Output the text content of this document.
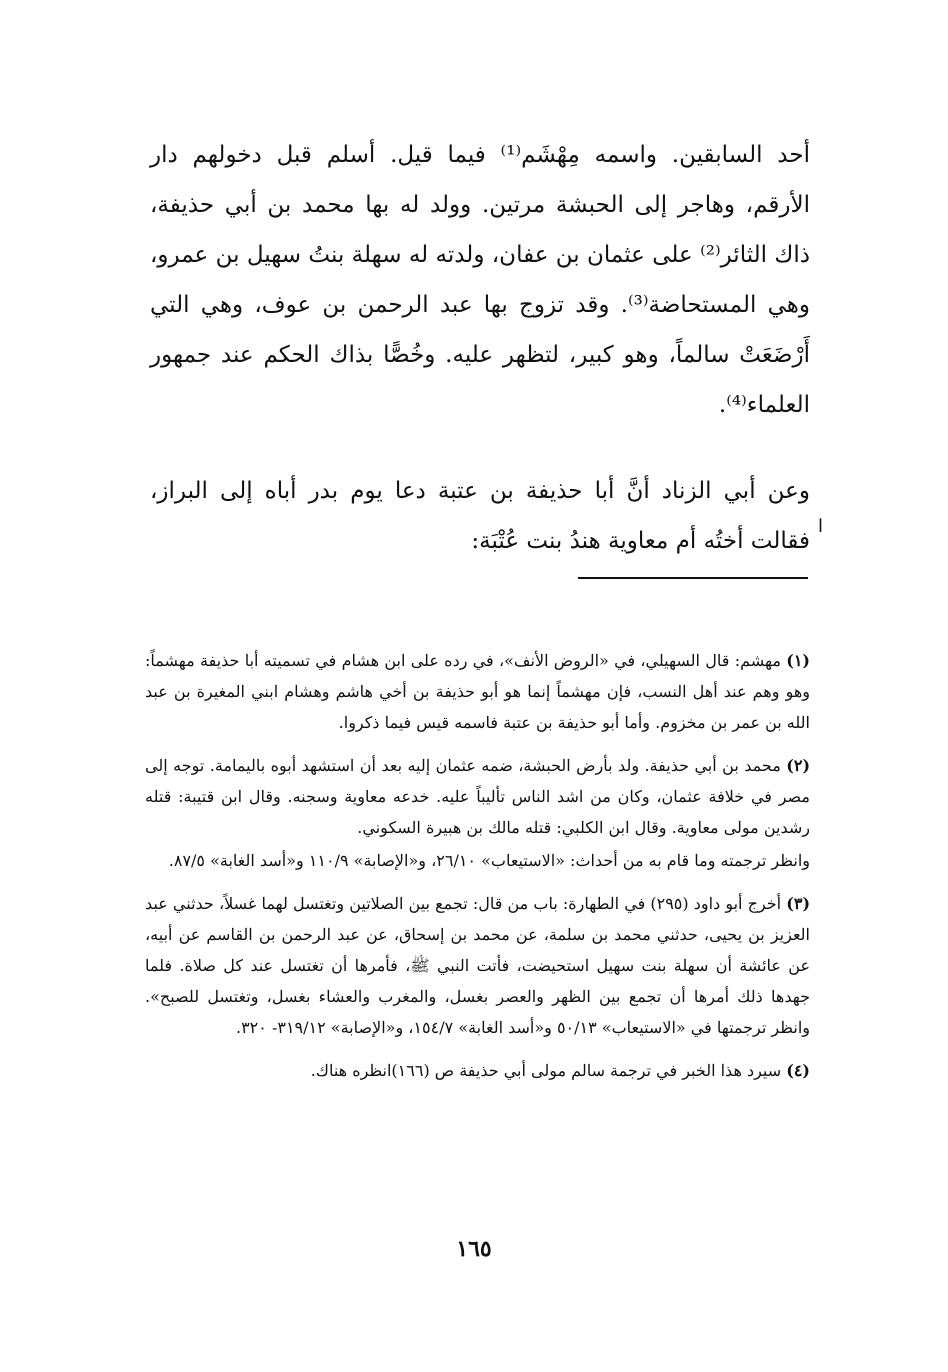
أحد السابقين. واسمه مِهْشَم⁽¹⁾ فيما قيل. أسلم قبل دخولهم دار الأرقم، وهاجر إلى الحبشة مرتين. وولد له بها محمد بن أبي حذيفة، ذاك الثائر⁽²⁾ على عثمان بن عفان، ولدته له سهلة بنتُ سهيل بن عمرو، وهي المستحاضة⁽³⁾. وقد تزوج بها عبد الرحمن بن عوف، وهي التي أَرْضَعَتْ سالماً، وهو كبير، لتظهر عليه. وخُصًّا بذاك الحكم عند جمهور العلماء⁽⁴⁾.

وعن أبي الزناد أنَّ أبا حذيفة بن عتبة دعا يوم بدر أباه إلى البراز، فقالت أختُه أم معاوية هندُ بنت عُتْبَة:

ا

(١) مهشم: قال السهيلي، في «الروض الأنف»، في رده على ابن هشام في تسميته أبا حذيفة مهشماً: وهو وهم عند أهل النسب، فإن مهشماً إنما هو أبو حذيفة بن أخي هاشم وهشام ابني المغيرة بن عبد الله بن عمر بن مخزوم. وأما أبو حذيفة بن عتبة فاسمه قيس فيما ذكروا.

(٢) محمد بن أبي حذيفة. ولد بأرض الحبشة، ضمه عثمان إليه بعد أن استشهد أبوه باليمامة. توجه إلى مصر في خلافة عثمان، وكان من اشد الناس تأليباً عليه. خدعه معاوية وسجنه. وقال ابن قتيبة: قتله رشدين مولى معاوية. وقال ابن الكلبي: قتله مالك بن هبيرة السكوني.

وانظر ترجمته وما قام به من أحداث: «الاستيعاب» ٢٦/١٠، و«الإصابة» ١١٠/٩ و«أسد الغابة» ٨٧/٥.

(٣) أخرج أبو داود (٢٩٥) في الطهارة: باب من قال: تجمع بين الصلاتين وتغتسل لهما غسلاً، حدثني عبد العزيز بن يحيى، حدثني محمد بن سلمة، عن محمد بن إسحاق، عن عبد الرحمن بن القاسم عن أبيه، عن عائشة أن سهلة بنت سهيل استحيضت، فأتت النبي ﷺ، فأمرها أن تغتسل عند كل صلاة. فلما جهدها ذلك أمرها أن تجمع بين الظهر والعصر بغسل، والمغرب والعشاء بغسل، وتغتسل للصبح». وانظر ترجمتها في «الاستيعاب» ٥٠/١٣ و«أسد الغابة» ١٥٤/٧، و«الإصابة» ٣١٩/١٢- ٣٢٠.

(٤) سيرد هذا الخبر في ترجمة سالم مولى أبي حذيفة ص (١٦٦)انظره هناك.

١٦٥
